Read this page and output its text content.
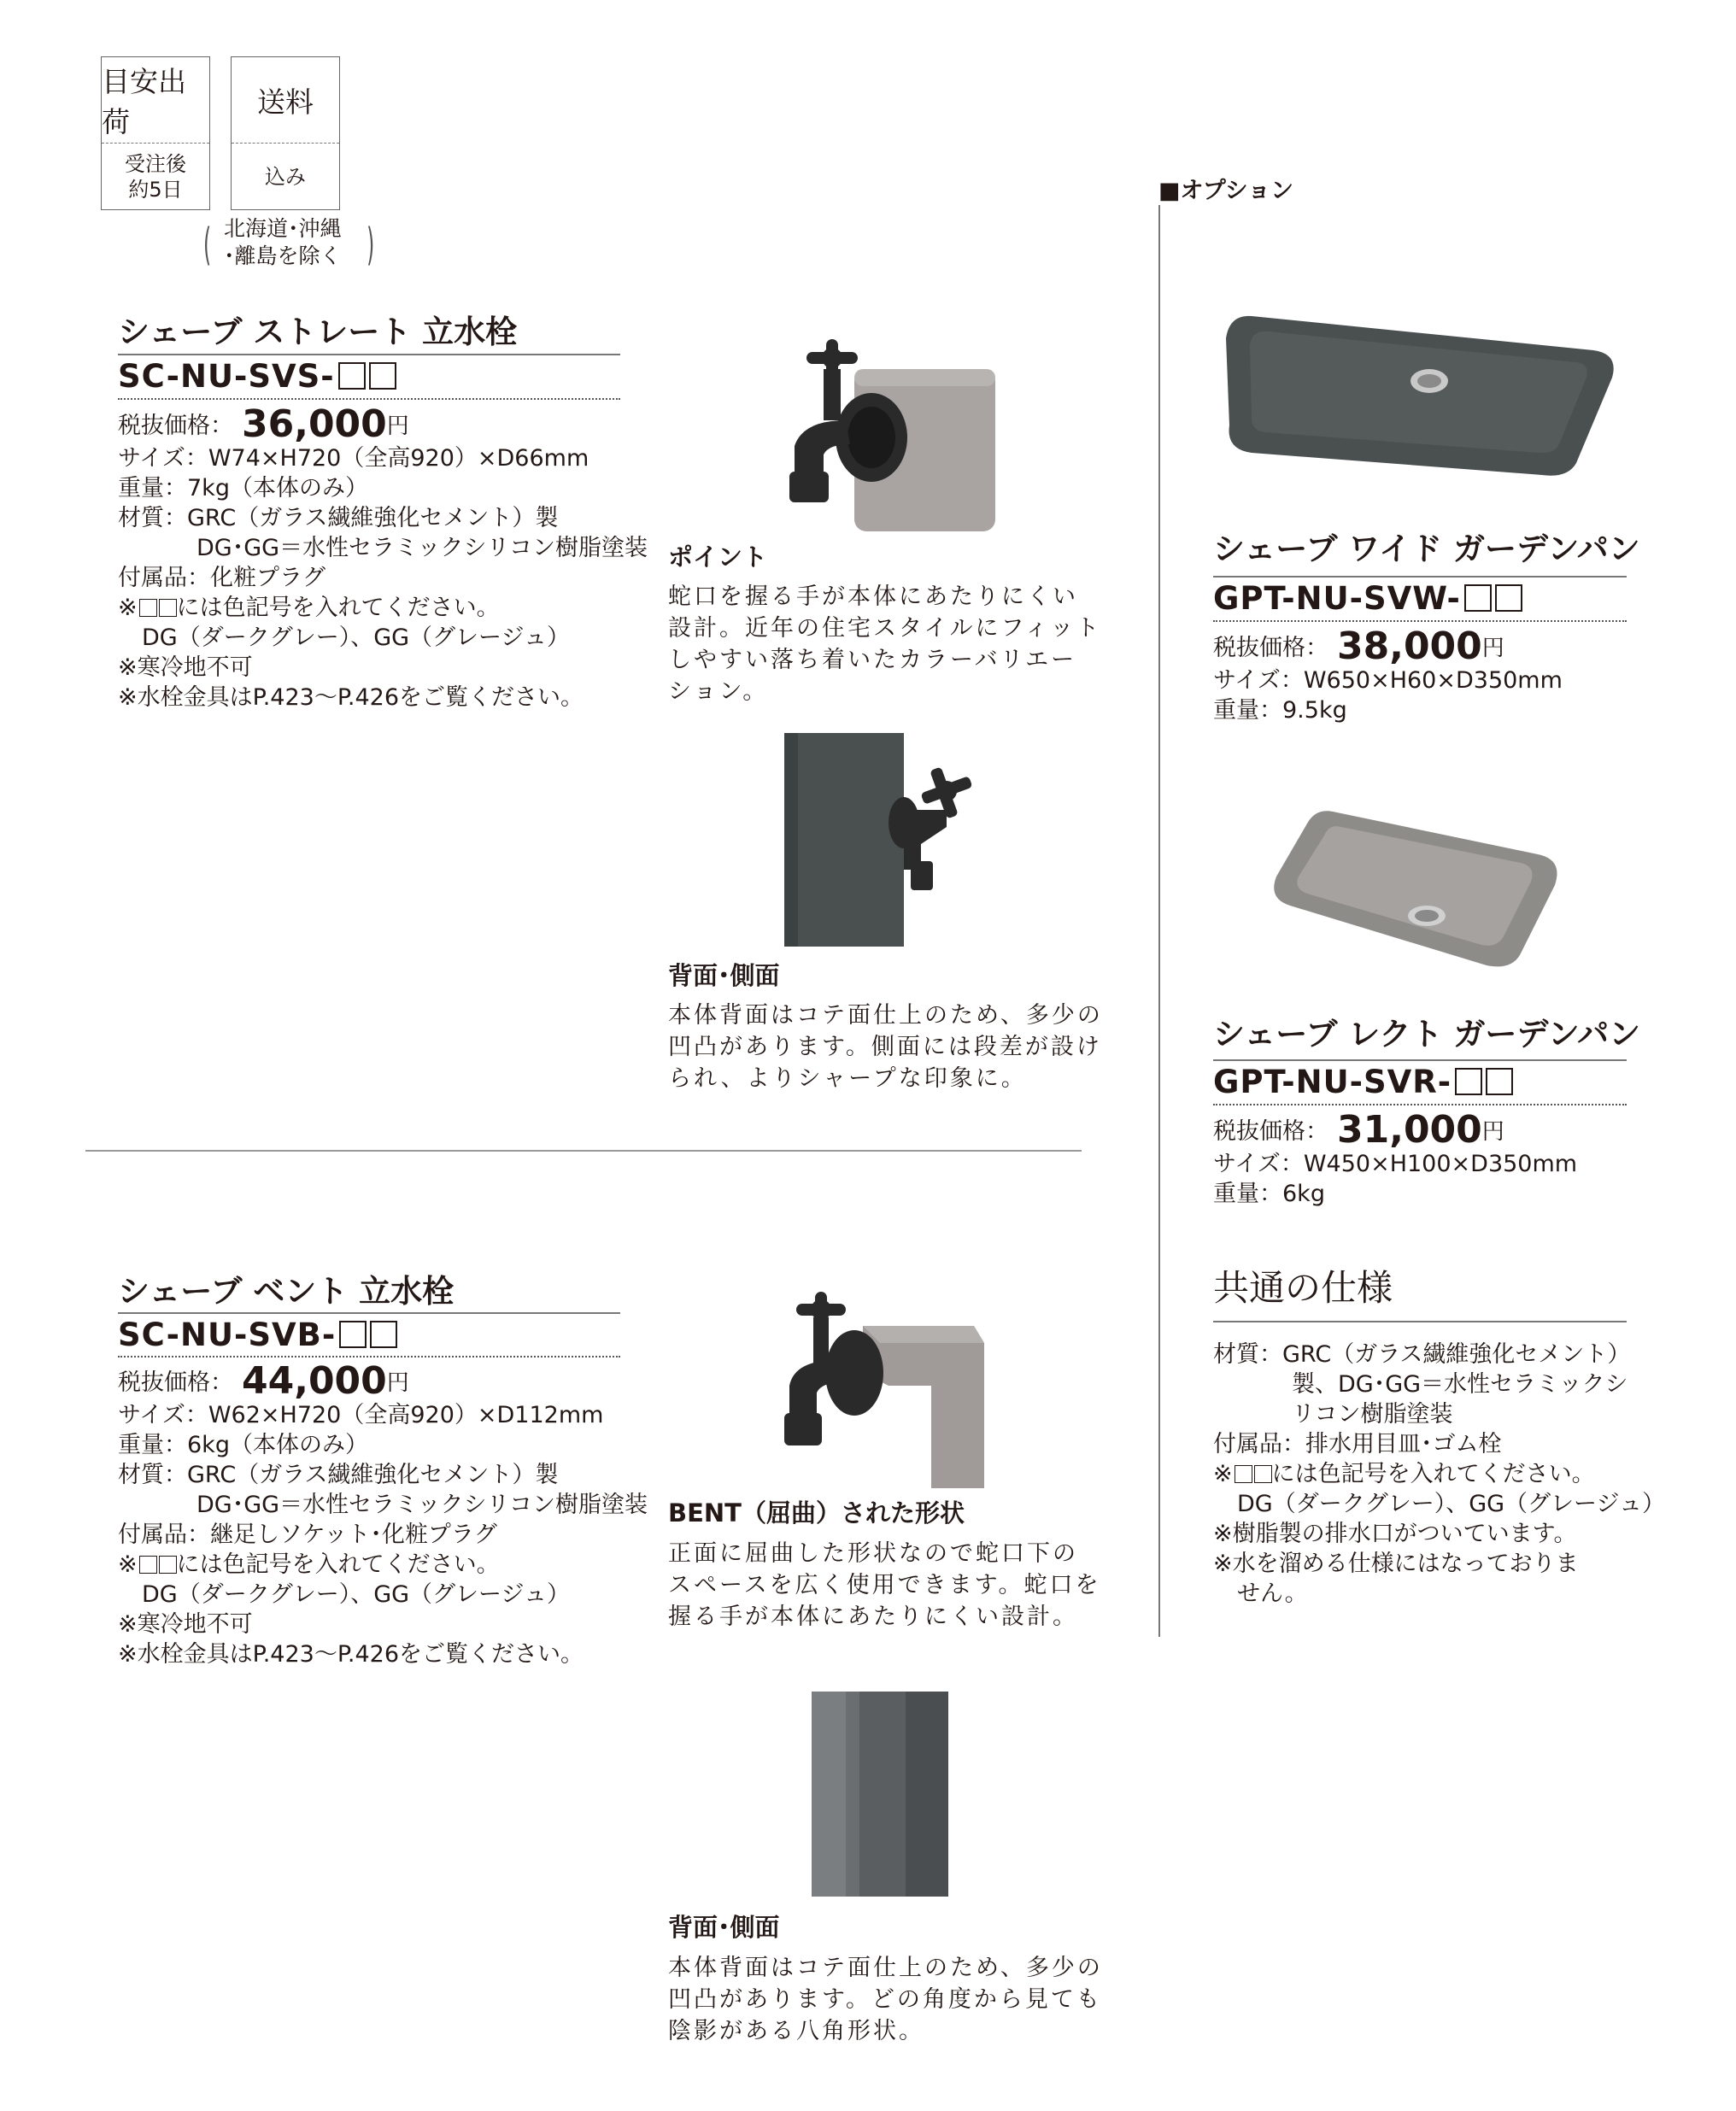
目安出荷
受注後
約5日
送料
込み
(	)
北海道･沖縄
･離島を除く
シェーブ ストレート 立水栓
SC-NU-SVS-
税抜価格： 36,000円
サイズ：W74×H720（全高920）×D66mm
重量：7kg（本体のみ）
材質：GRC（ガラス繊維強化セメント）製
DG･GG＝水性セラミックシリコン樹脂塗装
付属品：化粧プラグ
※ には色記号を入れてください。
DG（ダークグレー）、GG（グレージュ）
※寒冷地不可
※水栓金具はP.423～P.426をご覧ください。
ポイント
蛇口を握る手が本体にあたりにくい
設計。近年の住宅スタイルにフィット
しやすい落ち着いたカラーバリエー
ション。
背面･側面
本体背面はコテ面仕上のため、多少の
凹凸があります。側面には段差が設け
られ、よりシャープな印象に。
シェーブ ベント 立水栓
SC-NU-SVB-
税抜価格： 44,000円
サイズ：W62×H720（全高920）×D112mm
重量：6kg（本体のみ）
材質：GRC（ガラス繊維強化セメント）製
DG･GG＝水性セラミックシリコン樹脂塗装
付属品：継足しソケット･化粧プラグ
※ には色記号を入れてください。
DG（ダークグレー）、GG（グレージュ）
※寒冷地不可
※水栓金具はP.423～P.426をご覧ください。
BENT（屈曲）された形状
正面に屈曲した形状なので蛇口下の
スペースを広く使用できます。蛇口を
握る手が本体にあたりにくい設計。
背面･側面
本体背面はコテ面仕上のため、多少の
凹凸があります。どの角度から見ても
陰影がある八角形状。
■オプション
シェーブ ワイド ガーデンパン
GPT-NU-SVW-
税抜価格： 38,000円
サイズ：W650×H60×D350mm
重量：9.5kg
シェーブ レクト ガーデンパン
GPT-NU-SVR-
税抜価格： 31,000円
サイズ：W450×H100×D350mm
重量：6kg
共通の仕様
材質：GRC（ガラス繊維強化セメント）
製、DG･GG＝水性セラミックシ
リコン樹脂塗装
付属品：排水用目皿･ゴム栓
※ には色記号を入れてください。
DG（ダークグレー）、GG（グレージュ）
※樹脂製の排水口がついています。
※水を溜める仕様にはなっておりま
せん。
